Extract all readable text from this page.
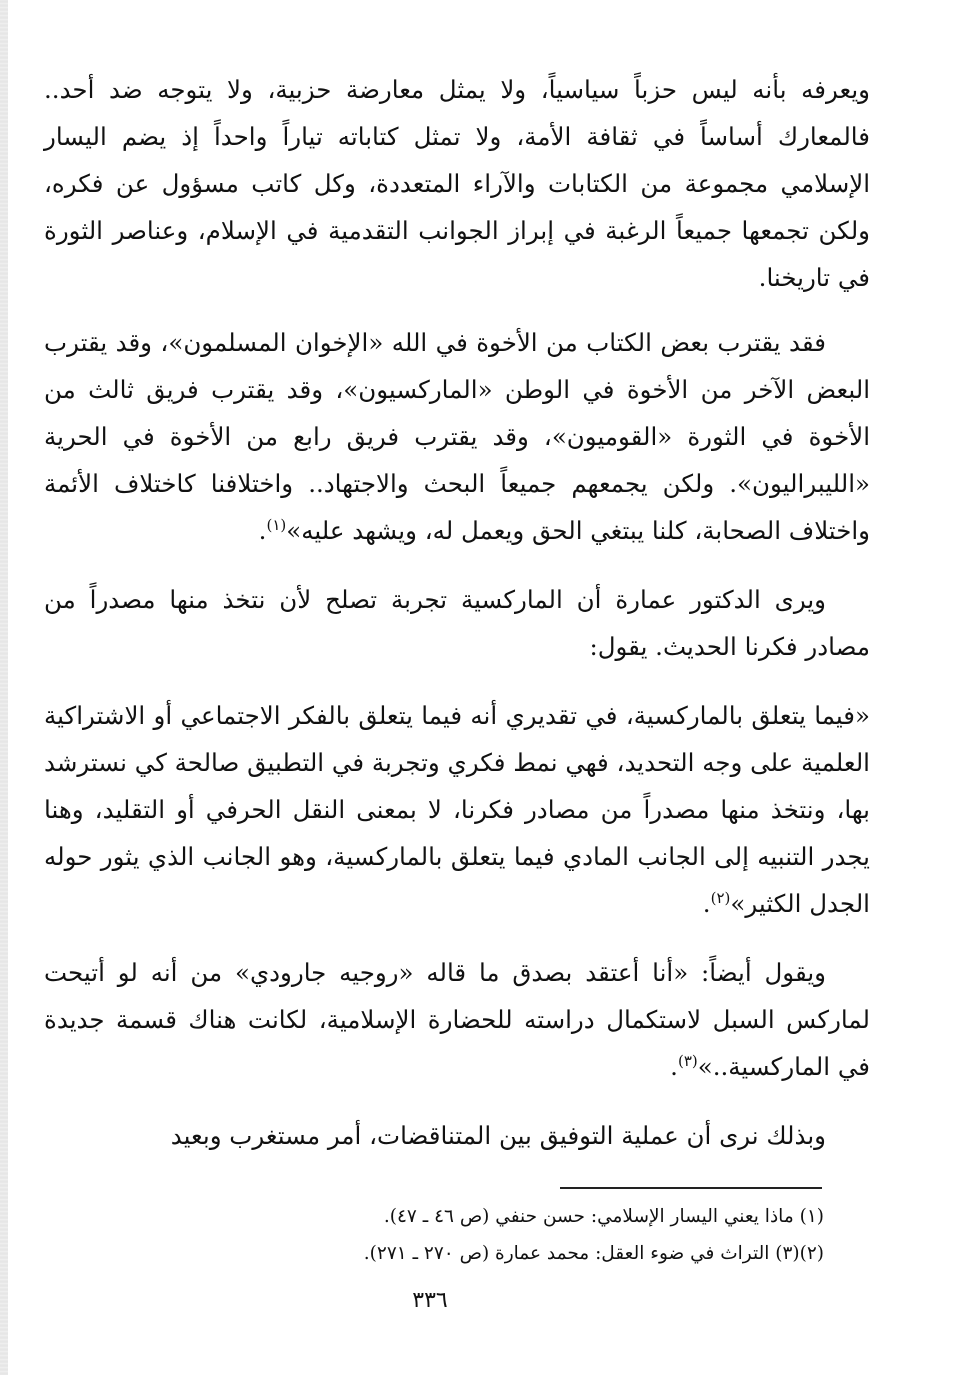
ويعرفه بأنه ليس حزباً سياسياً، ولا يمثل معارضة حزبية، ولا يتوجه ضد أحد.. فالمعارك أساساً في ثقافة الأمة، ولا تمثل كتاباته تياراً واحداً إذ يضم اليسار الإسلامي مجموعة من الكتابات والآراء المتعددة، وكل كاتب مسؤول عن فكره، ولكن تجمعها جميعاً الرغبة في إبراز الجوانب التقدمية في الإسلام، وعناصر الثورة في تاريخنا.

فقد يقترب بعض الكتاب من الأخوة في الله «الإخوان المسلمون»، وقد يقترب البعض الآخر من الأخوة في الوطن «الماركسيون»، وقد يقترب فريق ثالث من الأخوة في الثورة «القوميون»، وقد يقترب فريق رابع من الأخوة في الحرية «الليبراليون». ولكن يجمعهم جميعاً البحث والاجتهاد.. واختلافنا كاختلاف الأئمة واختلاف الصحابة، كلنا يبتغي الحق ويعمل له، ويشهد عليه»$^{(١)}$.

ويرى الدكتور عمارة أن الماركسية تجربة تصلح لأن نتخذ منها مصدراً من مصادر فكرنا الحديث. يقول:

«فيما يتعلق بالماركسية، في تقديري أنه فيما يتعلق بالفكر الاجتماعي أو الاشتراكية العلمية على وجه التحديد، فهي نمط فكري وتجربة في التطبيق صالحة كي نسترشد بها، ونتخذ منها مصدراً من مصادر فكرنا، لا بمعنى النقل الحرفي أو التقليد، وهنا يجدر التنبيه إلى الجانب المادي فيما يتعلق بالماركسية، وهو الجانب الذي يثور حوله الجدل الكثير»$^{(٢)}$.

ويقول أيضاً: «أنا أعتقد بصدق ما قاله «روجيه جارودي» من أنه لو أتيحت لماركس السبل لاستكمال دراسته للحضارة الإسلامية، لكانت هناك قسمة جديدة في الماركسية..»$^{(٣)}$.

وبذلك نرى أن عملية التوفيق بين المتناقضات، أمر مستغرب وبعيد

(١) ماذا يعني اليسار الإسلامي: حسن حنفي (ص ٤٦ ـ ٤٧).

(٢)(٣) التراث في ضوء العقل: محمد عمارة (ص ٢٧٠ ـ ٢٧١).

٣٣٦
